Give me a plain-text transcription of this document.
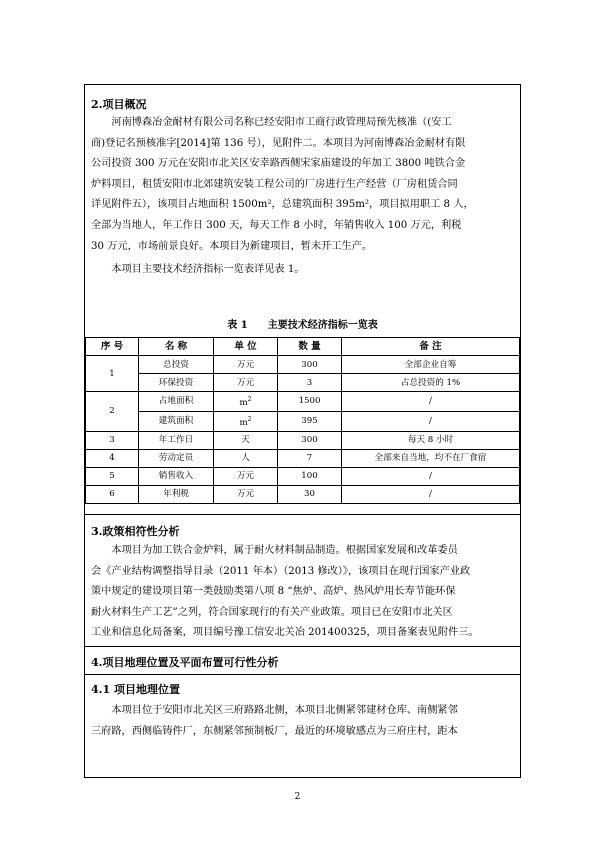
2.项目概况
河南博森冶金耐材有限公司名称已经安阳市工商行政管理局预先核准（(安工
商)登记名预核准字[2014]第 136 号），见附件二。本项目为河南博森冶金耐材有限
公司投资 300 万元在安阳市北关区安幸路西侧宋家庙建设的年加工 3800 吨铁合金
炉料项目，租赁安阳市北郊建筑安装工程公司的厂房进行生产经营（厂房租赁合同
详见附件五），该项目占地面积 1500m²，总建筑面积 395m²，项目拟用职工 8 人，
全部为当地人，年工作日 300 天，每天工作 8 小时，年销售收入 100 万元，利税
30 万元，市场前景良好。本项目为新建项目，暂未开工生产。
本项目主要技术经济指标一览表详见表 1。
表 1　　主要技术经济指标一览表
序 号	名 称	单 位	数 量	备 注
1	总投资	万元	300	全部企业自筹
	环保投资	万元	3	占总投资的 1%
2	占地面积	$m^2$	1500	/
	建筑面积	$m^2$	395	/
3	年工作日	天	300	每天 8 小时
4	劳动定员	人	7	全部来自当地，均不在厂食宿
5	销售收入	万元	100	/
6	年利税	万元	30	/
3.政策相符性分析
本项目为加工铁合金炉料，属于耐火材料制品制造。根据国家发展和改革委员
会《产业结构调整指导目录（2011 年本）（2013 修改）》，该项目在现行国家产业政
策中规定的建设项目第一类鼓励类第八项 8 “焦炉、高炉、热风炉用长寿节能环保
耐火材料生产工艺”之列，符合国家现行的有关产业政策。项目已在安阳市北关区
工业和信息化局备案，项目编号豫工信安北关冶 201400325，项目备案表见附件三。
4.项目地理位置及平面布置可行性分析
4.1 项目地理位置
本项目位于安阳市北关区三府路路北侧，本项目北侧紧邻建材仓库、南侧紧邻
三府路，西侧临铸件厂，东侧紧邻预制板厂，最近的环境敏感点为三府庄村，距本
2
